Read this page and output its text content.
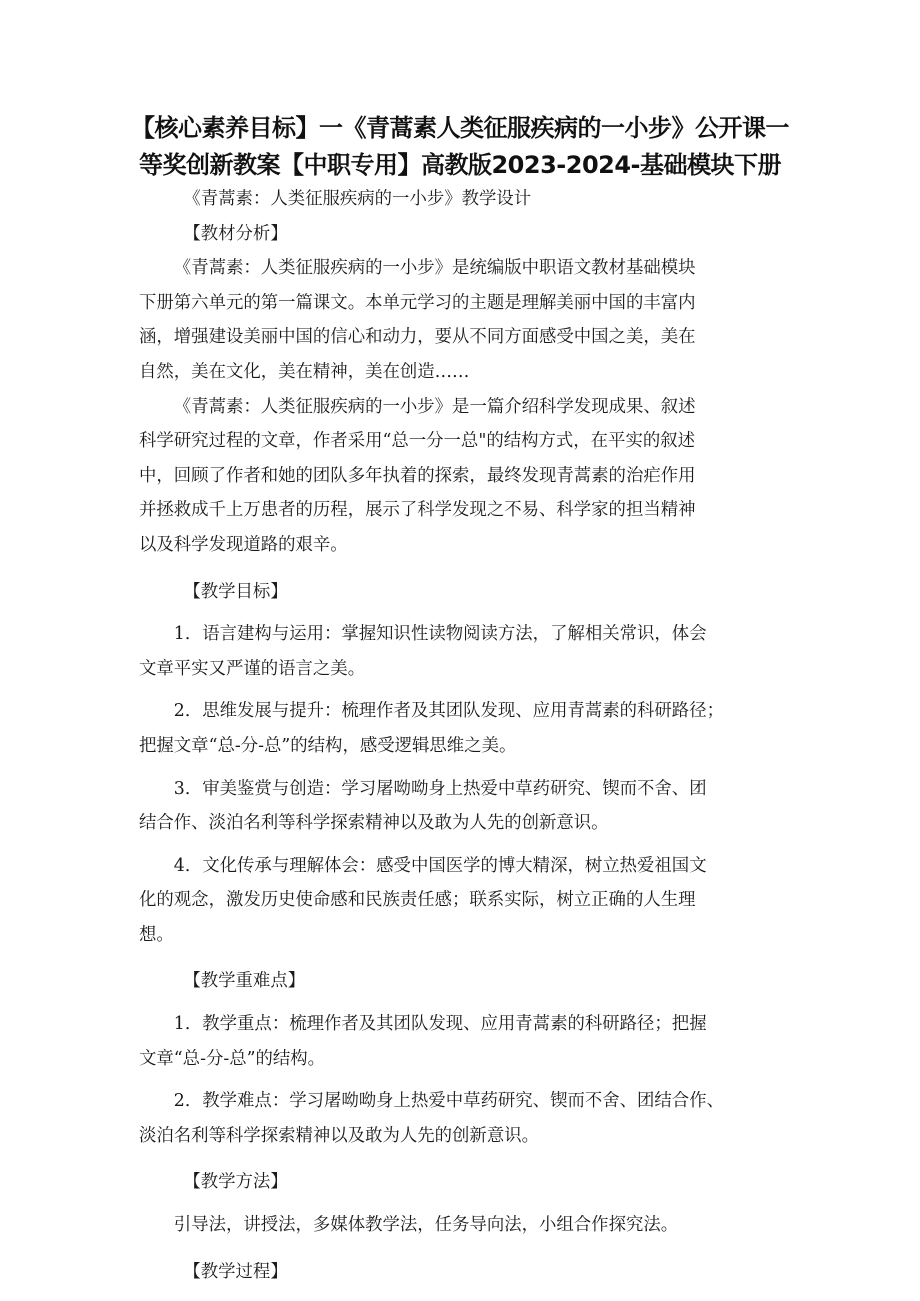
【核心素养目标】一《青蒿素人类征服疾病的一小步》公开课一
等奖创新教案【中职专用】高教版2023-2024-基础模块下册
《青蒿素：人类征服疾病的一小步》教学设计
【教材分析】
《青蒿素：人类征服疾病的一小步》是统编版中职语文教材基础模块
下册第六单元的第一篇课文。本单元学习的主题是理解美丽中国的丰富内
涵，增强建设美丽中国的信心和动力，要从不同方面感受中国之美，美在
自然，美在文化，美在精神，美在创造……
《青蒿素：人类征服疾病的一小步》是一篇介绍科学发现成果、叙述
科学研究过程的文章，作者采用“总一分一总"的结构方式，在平实的叙述
中，回顾了作者和她的团队多年执着的探索，最终发现青蒿素的治疟作用
并拯救成千上万患者的历程，展示了科学发现之不易、科学家的担当精神
以及科学发现道路的艰辛。
【教学目标】
1．语言建构与运用：掌握知识性读物阅读方法，了解相关常识，体会
文章平实又严谨的语言之美。
2．思维发展与提升：梳理作者及其团队发现、应用青蒿素的科研路径；
把握文章“总-分-总”的结构，感受逻辑思维之美。
3．审美鉴赏与创造：学习屠呦呦身上热爱中草药研究、锲而不舍、团
结合作、淡泊名利等科学探索精神以及敢为人先的创新意识。
4．文化传承与理解体会：感受中国医学的博大精深，树立热爱祖国文
化的观念，激发历史使命感和民族责任感；联系实际，树立正确的人生理
想。
【教学重难点】
1．教学重点：梳理作者及其团队发现、应用青蒿素的科研路径；把握
文章“总-分-总”的结构。
2．教学难点：学习屠呦呦身上热爱中草药研究、锲而不舍、团结合作、
淡泊名利等科学探索精神以及敢为人先的创新意识。
【教学方法】
引导法，讲授法，多媒体教学法，任务导向法，小组合作探究法。
【教学过程】
